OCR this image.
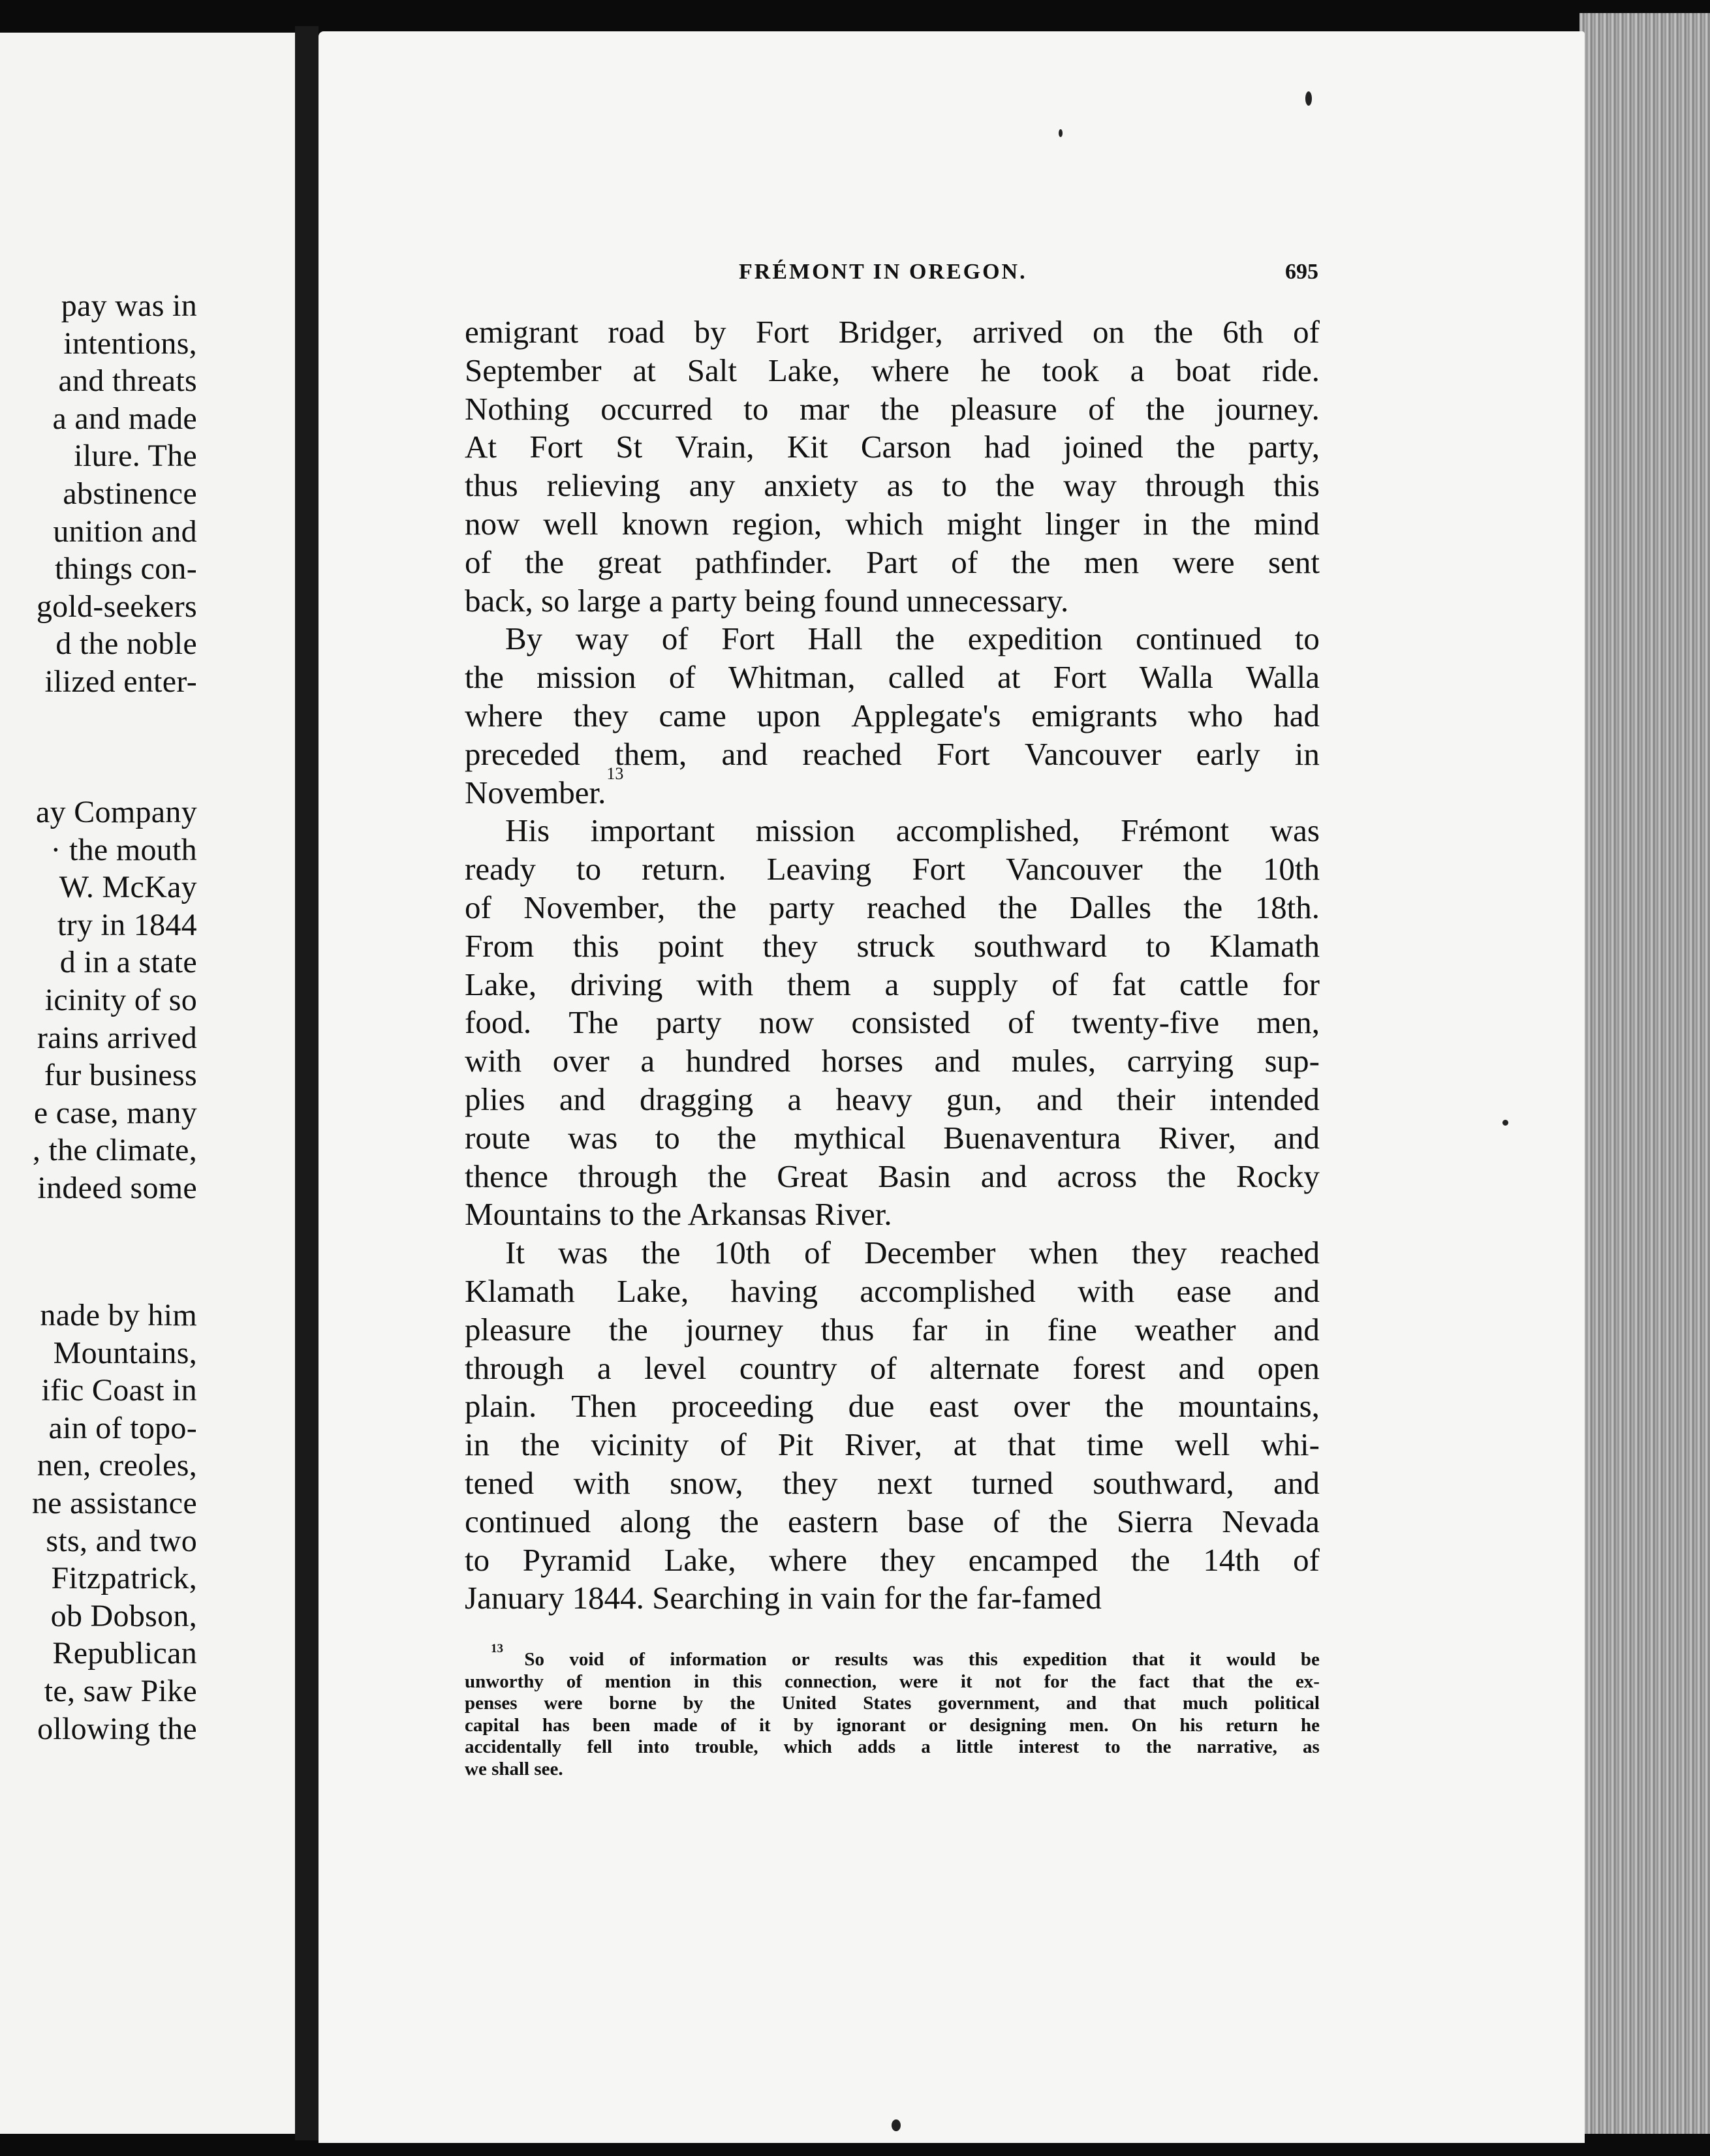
pay was in
intentions,
and threats
a and made
ilure. The
abstinence
unition and
things con-
gold-seekers
d the noble
ilized enter-
ay Company
· the mouth
W. McKay
try in 1844
d in a state
icinity of so
rains arrived
fur business
e case, many
, the climate,
indeed some
nade by him
Mountains,
ific Coast in
ain of topo-
nen, creoles,
ne assistance
sts, and two
Fitzpatrick,
ob Dobson,
Republican
te, saw Pike
ollowing the
FRÉMONT IN OREGON.	695
emigrant road by Fort Bridger, arrived on the 6th of
September at Salt Lake, where he took a boat ride.
Nothing occurred to mar the pleasure of the journey.
At Fort St Vrain, Kit Carson had joined the party,
thus relieving any anxiety as to the way through this
now well known region, which might linger in the mind
of the great pathfinder. Part of the men were sent
back, so large a party being found unnecessary.
By way of Fort Hall the expedition continued to
the mission of Whitman, called at Fort Walla Walla
where they came upon Applegate's emigrants who had
preceded them, and reached Fort Vancouver early in
November.
13
His important mission accomplished, Frémont was
ready to return. Leaving Fort Vancouver the 10th
of November, the party reached the Dalles the 18th.
From this point they struck southward to Klamath
Lake, driving with them a supply of fat cattle for
food. The party now consisted of twenty-five men,
with over a hundred horses and mules, carrying sup-
plies and dragging a heavy gun, and their intended
route was to the mythical Buenaventura River, and
thence through the Great Basin and across the Rocky
Mountains to the Arkansas River.
It was the 10th of December when they reached
Klamath Lake, having accomplished with ease and
pleasure the journey thus far in fine weather and
through a level country of alternate forest and open
plain. Then proceeding due east over the mountains,
in the vicinity of Pit River, at that time well whi-
tened with snow, they next turned southward, and
continued along the eastern base of the Sierra Nevada
to Pyramid Lake, where they encamped the 14th of
January 1844. Searching in vain for the far-famed
13
So void of information or results was this expedition that it would be
unworthy of mention in this connection, were it not for the fact that the ex-
penses were borne by the United States government, and that much political
capital has been made of it by ignorant or designing men. On his return he
accidentally fell into trouble, which adds a little interest to the narrative, as
we shall see.
